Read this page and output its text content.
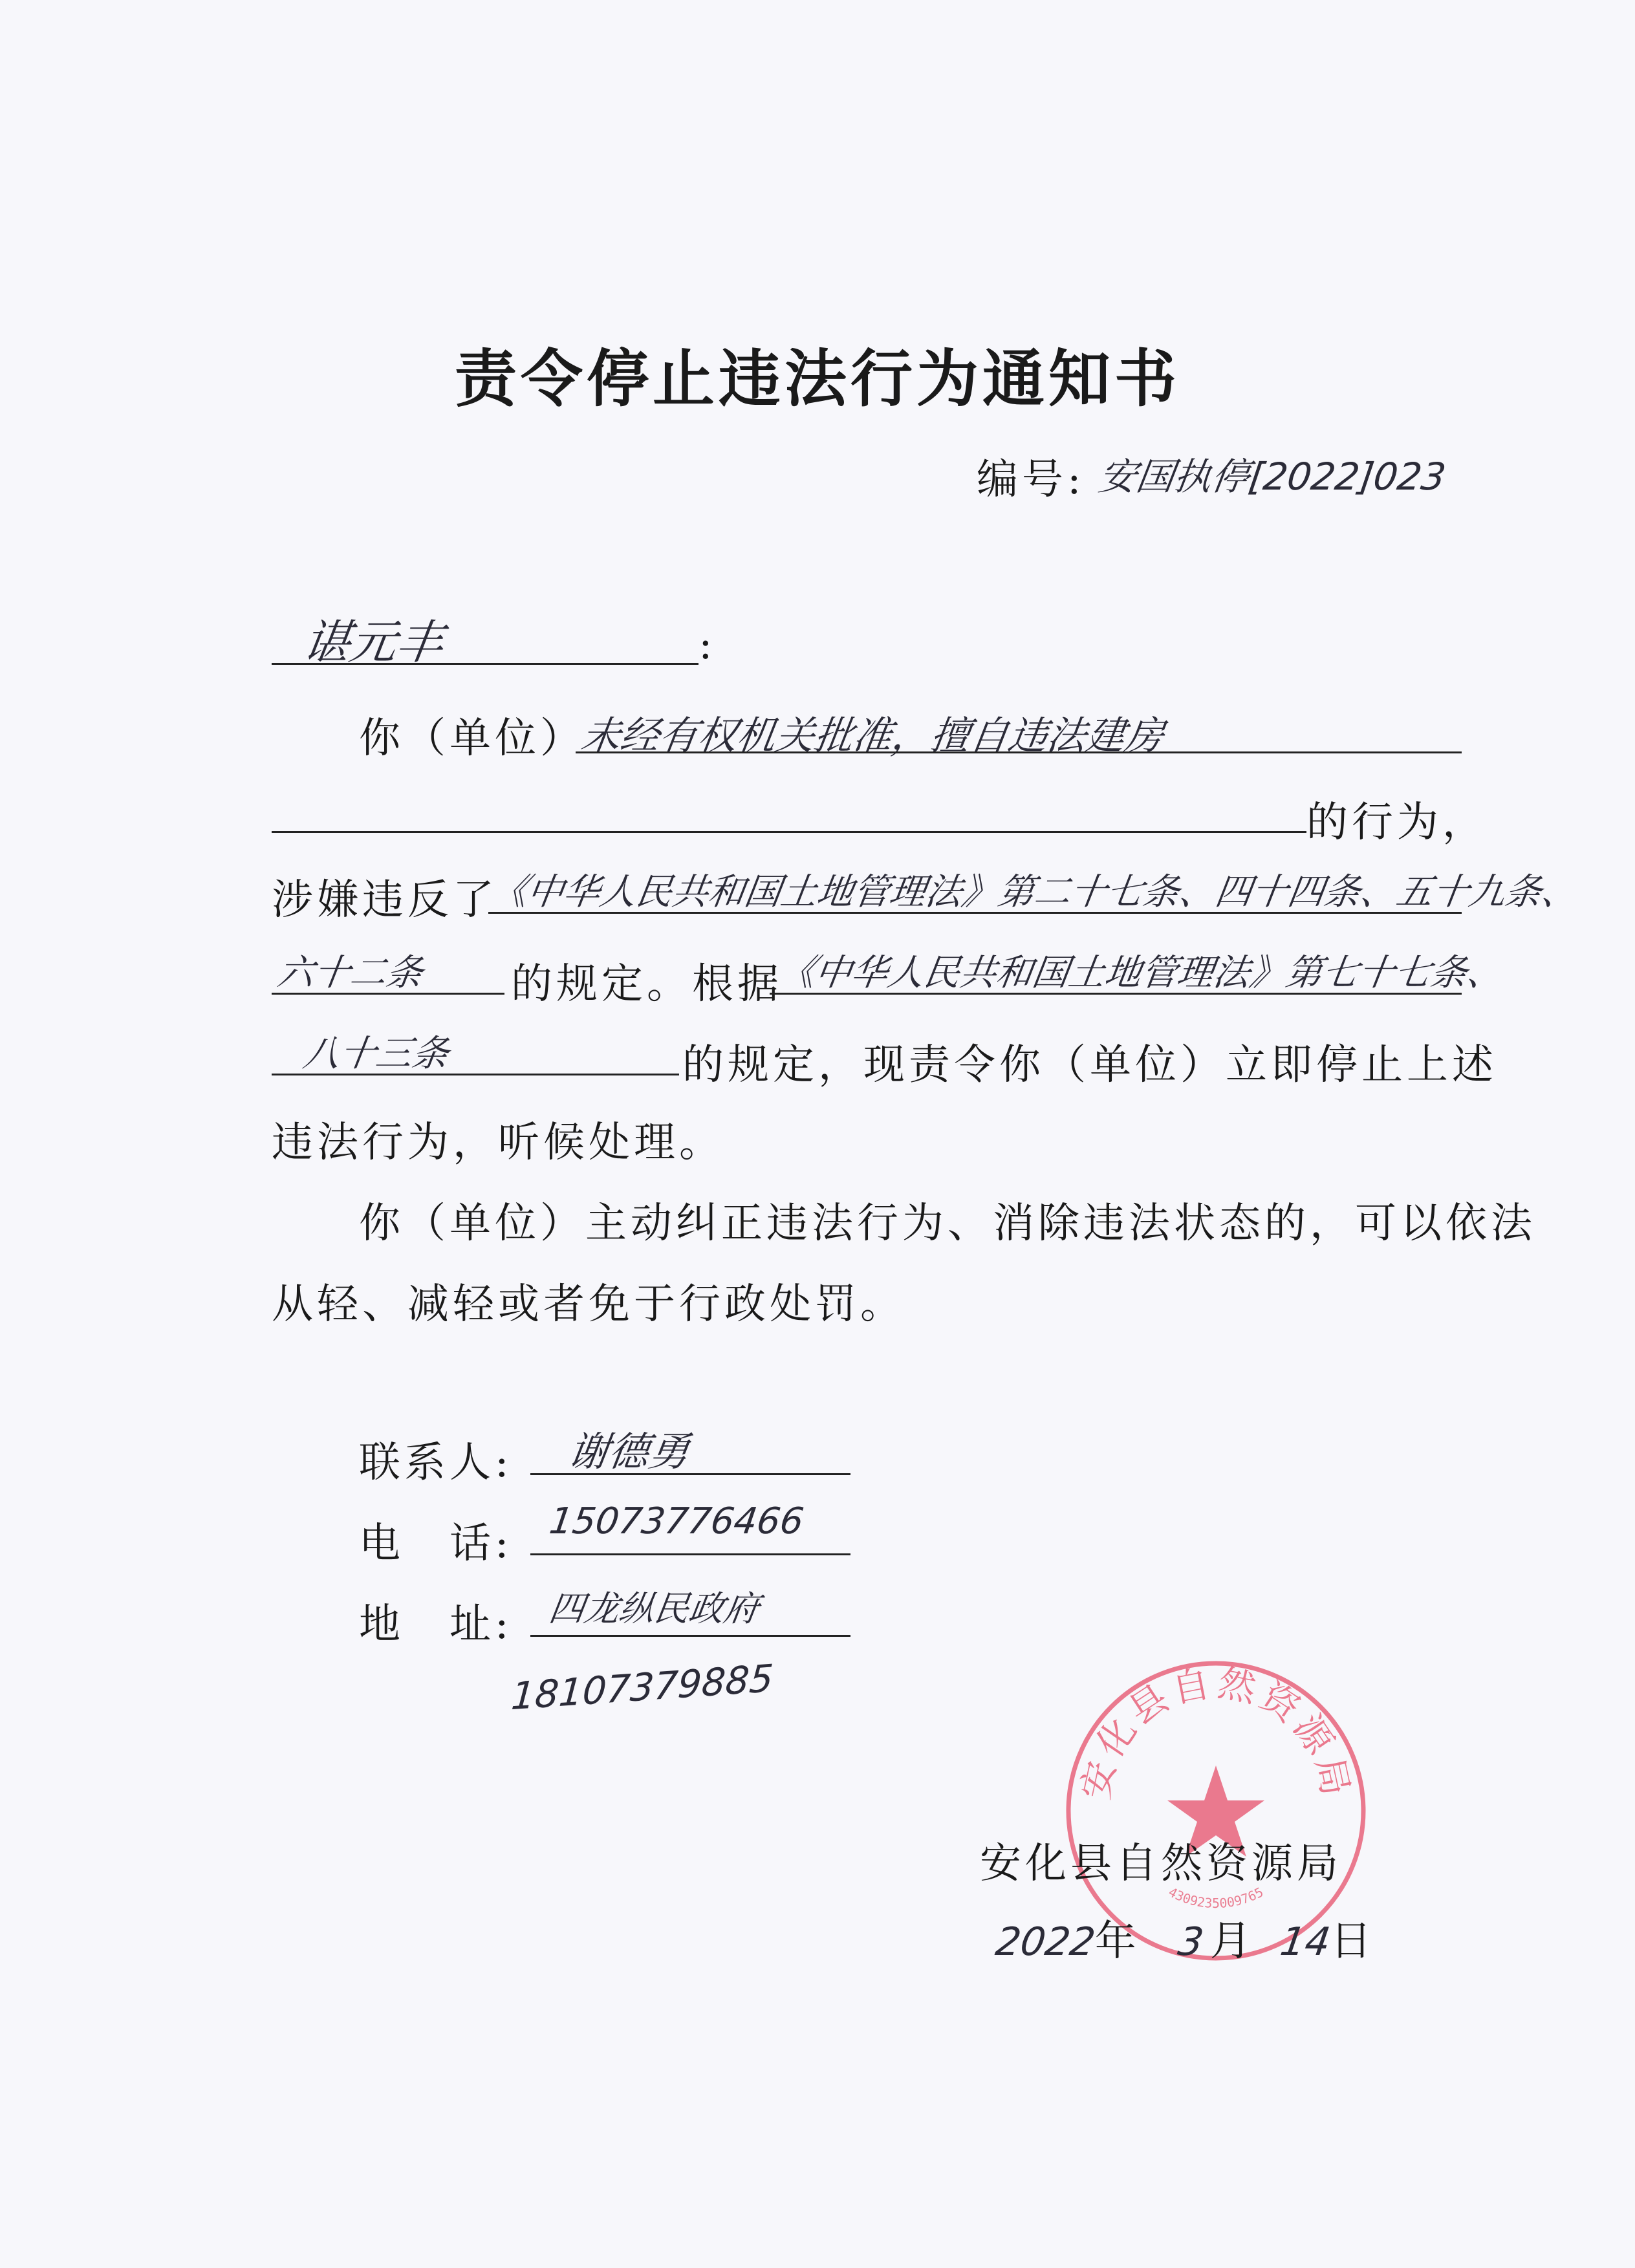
责令停止违法行为通知书
编号: 安国执停[2022]023
谌元丰	:
你（单位）
未经有权机关批准，擅自违法建房
的行为，
涉嫌违反了
《中华人民共和国土地管理法》第二十七条、四十四条、五十九条、
六十二条 的规定。根据
《中华人民共和国土地管理法》第七十七条、
八十三条	的规定，现责令你（单位）立即停止上述
违法行为，听候处理。
你（单位）主动纠正违法行为、消除违法状态的，可以依法
从轻、减轻或者免于行政处罚。
联系人: 谢德勇
电　话: 15073776466
地　址: 四龙纵民政府
18107379885
安化县自然资源局
4309235009765
安化县自然资源局
2022年 3月 14日
